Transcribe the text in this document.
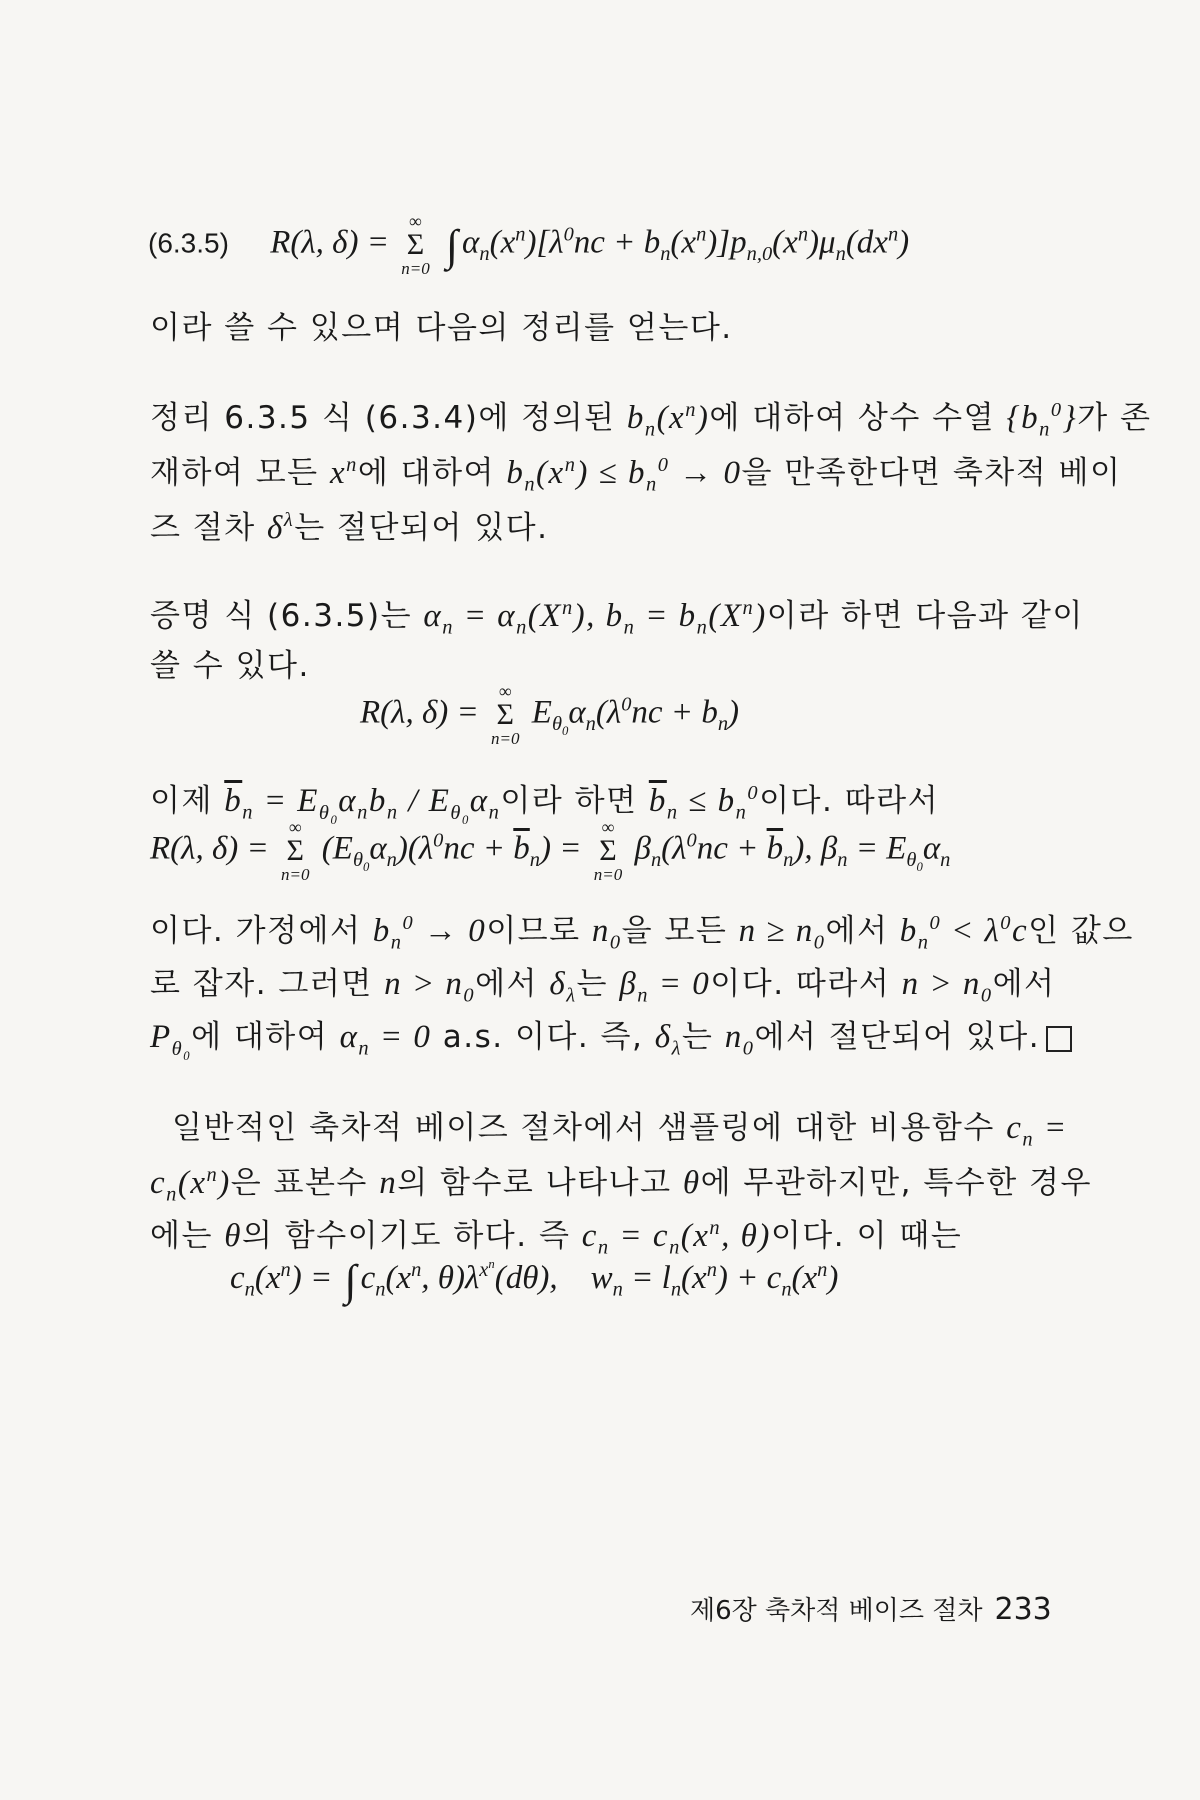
(6.3.5)     R(λ, δ) =
∞
Σ
n=0 ∫ $\alpha_n(x^n)[\lambda^0nc + b_n(x^n)]p_{n,0}(x^n)\mu_n(dx^n)$
이라 쓸 수 있으며 다음의 정리를 얻는다.
정리 6.3.5 식 (6.3.4)에 정의된 $b_n(x^n)$에 대하여 상수 수열 $\{b_n^0\}$가 존
재하여 모든 $x^n$에 대하여 $b_n(x^n) \le b_n^0 \to 0$을 만족한다면 축차적 베이
즈 절차 $\delta^\lambda$는 절단되어 있다.
증명 식 (6.3.5)는 $\alpha_n = \alpha_n(X^n)$, $b_n = b_n(X^n)$이라 하면 다음과 같이
쓸 수 있다.
R(λ, δ) =
∞
Σ
n=0
$E_{\theta_0}\alpha_n(\lambda^0nc + b_n)$
이제 $\overline{b}_n = E_{\theta_0}\alpha_nb_n / E_{\theta_0}\alpha_n$이라 하면 $\overline{b}_n \le b_n^0$이다. 따라서
R(λ, δ) =
∞
Σ
n=0
$(E_{\theta_0}\alpha_n)(\lambda^0nc + \overline{b}_n)$ =
∞
Σ
n=0
$\beta_n(\lambda^0nc + \overline{b}_n)$, $\beta_n = E_{\theta_0}\alpha_n$
이다. 가정에서 $b_n^0 \to 0$이므로 $n_0$을 모든 $n \ge n_0$에서 $b_n^0 < \lambda^0c$인 값으
로 잡자. 그러면 $n > n_0$에서 $\delta_\lambda$는 $\beta_n = 0$이다. 따라서 $n > n_0$에서
$P_{\theta_0}$에 대하여 $\alpha_n = 0$ a.s. 이다. 즉, $\delta_\lambda$는 $n_0$에서 절단되어 있다.
일반적인 축차적 베이즈 절차에서 샘플링에 대한 비용함수 $c_n$ =
$c_n(x^n)$은 표본수 n의 함수로 나타나고 θ에 무관하지만, 특수한 경우
에는 θ의 함수이기도 하다. 즉 $c_n = c_n(x^n$, θ)이다. 이 때는
$c_n(x^n)$ = ∫ $c_n(x^n$, $\theta)\lambda^{x^n}(d\theta)$,    $w_n = l_n(x^n) + c_n(x^n)$
제6장 축차적 베이즈 절차 233
